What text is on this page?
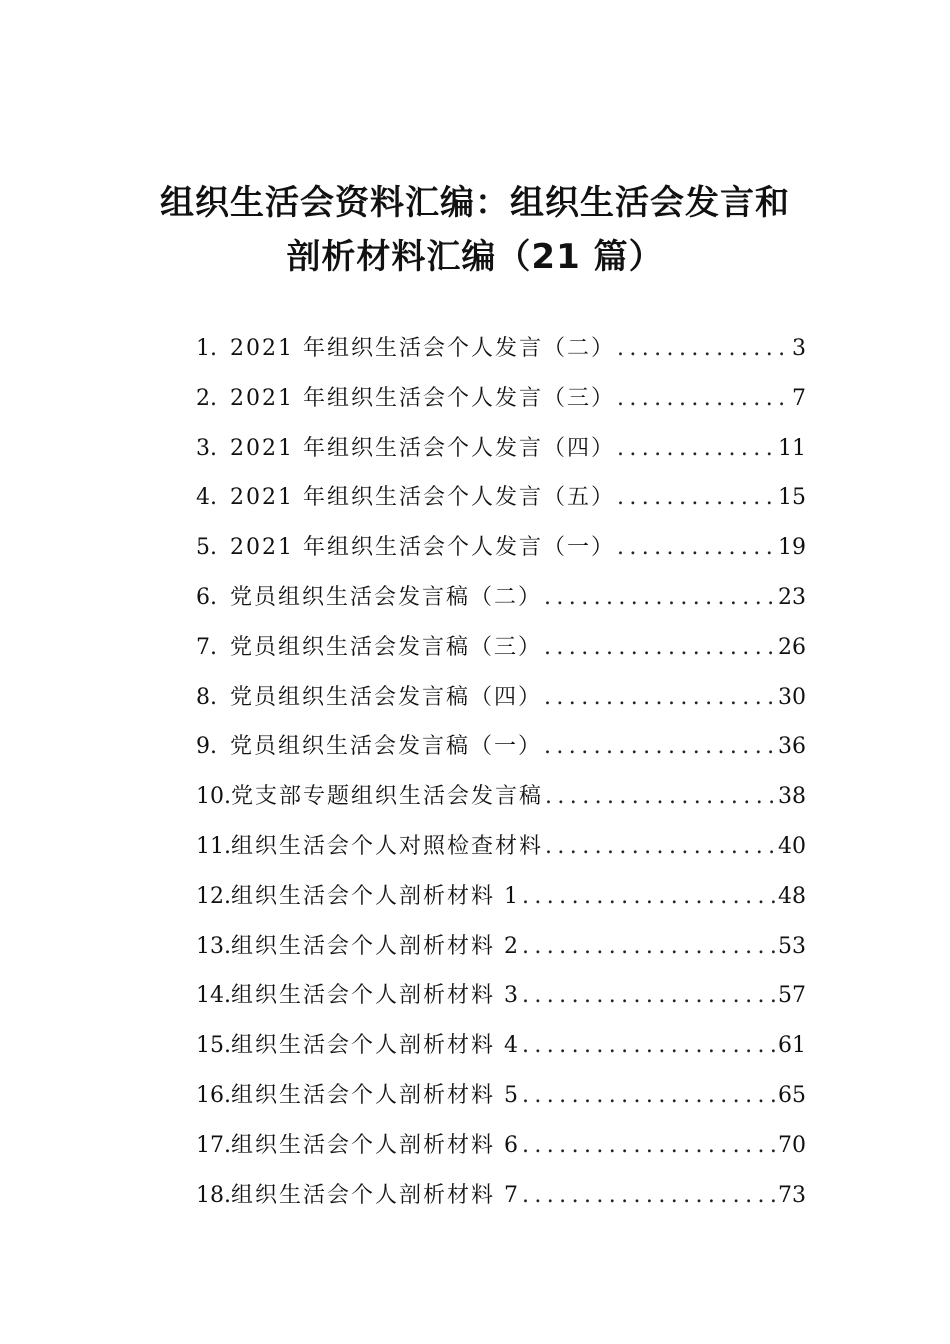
组织生活会资料汇编：组织生活会发言和
剖析材料汇编（21 篇）
1. 2021 年组织生活会个人发言（二） .....	3
2. 2021 年组织生活会个人发言（三） .....	7
3. 2021 年组织生活会个人发言（四） .....	11
4. 2021 年组织生活会个人发言（五） .....	15
5. 2021 年组织生活会个人发言（一） .....	19
6. 党员组织生活会发言稿（二） .....	23
7. 党员组织生活会发言稿（三） .....	26
8. 党员组织生活会发言稿（四） .....	30
9. 党员组织生活会发言稿（一） .....	36
10. 党支部专题组织生活会发言稿 .....	38
11. 组织生活会个人对照检查材料 .....	40
12. 组织生活会个人剖析材料 1 .....	48
13. 组织生活会个人剖析材料 2 .....	53
14. 组织生活会个人剖析材料 3 .....	57
15. 组织生活会个人剖析材料 4 .....	61
16. 组织生活会个人剖析材料 5 .....	65
17. 组织生活会个人剖析材料 6 .....	70
18. 组织生活会个人剖析材料 7 .....	73
